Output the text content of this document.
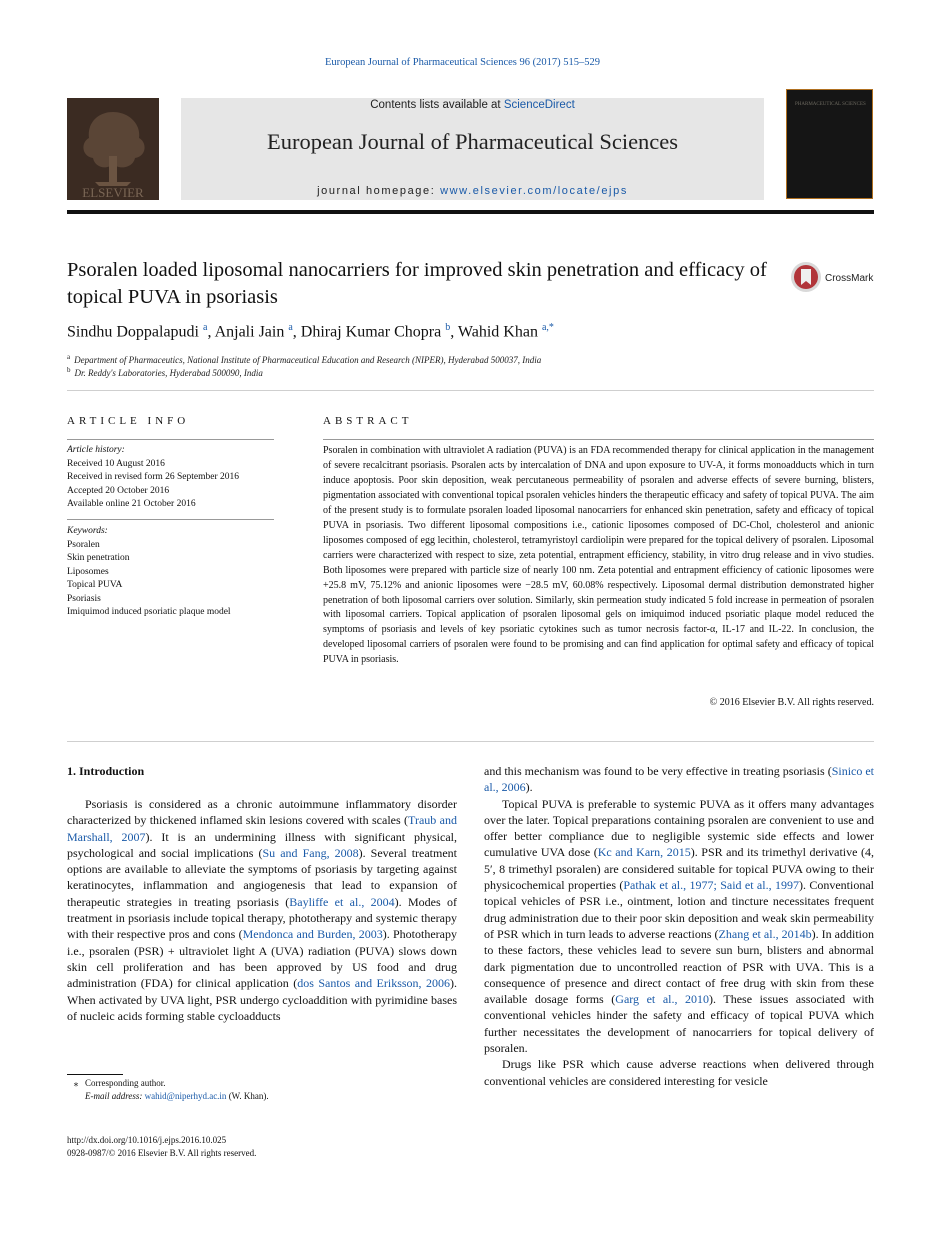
European Journal of Pharmaceutical Sciences 96 (2017) 515–529
ELSEVIER
Contents lists available at ScienceDirect
European Journal of Pharmaceutical Sciences
journal homepage: www.elsevier.com/locate/ejps
PHARMACEUTICAL SCIENCES
Psoralen loaded liposomal nanocarriers for improved skin penetration and efficacy of topical PUVA in psoriasis
CrossMark
Sindhu Doppalapudi $^a$, Anjali Jain $^a$, Dhiraj Kumar Chopra $^b$, Wahid Khan $^{a,*}$
$^a$ Department of Pharmaceutics, National Institute of Pharmaceutical Education and Research (NIPER), Hyderabad 500037, India
$^b$ Dr. Reddy's Laboratories, Hyderabad 500090, India
ARTICLE INFO
Article history:
Received 10 August 2016
Received in revised form 26 September 2016
Accepted 20 October 2016
Available online 21 October 2016
Keywords:
Psoralen
Skin penetration
Liposomes
Topical PUVA
Psoriasis
Imiquimod induced psoriatic plaque model
ABSTRACT
Psoralen in combination with ultraviolet A radiation (PUVA) is an FDA recommended therapy for clinical application in the management of severe recalcitrant psoriasis. Psoralen acts by intercalation of DNA and upon exposure to UV-A, it forms monoadducts which in turn induce apoptosis. Poor skin deposition, weak percutaneous permeability of psoralen and adverse effects of severe burning, blisters, pigmentation associated with conventional topical psoralen vehicles hinders the therapeutic efficacy and safety of topical PUVA. The aim of the present study is to formulate psoralen loaded liposomal nanocarriers for enhanced skin penetration, safety and efficacy of topical PUVA in psoriasis. Two different liposomal compositions i.e., cationic liposomes composed of DC-Chol, cholesterol and anionic liposomes composed of egg lecithin, cholesterol, tetramyristoyl cardiolipin were prepared for the topical delivery of psoralen. Liposomal carriers were characterized with respect to size, zeta potential, entrapment efficiency, stability, in vitro drug release and in vivo studies. Both liposomes were prepared with particle size of nearly 100 nm. Zeta potential and entrapment efficiency of cationic liposomes were +25.8 mV, 75.12% and anionic liposomes were −28.5 mV, 60.08% respectively. Liposomal dermal distribution demonstrated higher penetration of both liposomal carriers over solution. Similarly, skin permeation study indicated 5 fold increase in permeation of psoralen with liposomal carriers. Topical application of psoralen liposomal gels on imiquimod induced psoriatic plaque model reduced the symptoms of psoriasis and levels of key psoriatic cytokines such as tumor necrosis factor-α, IL-17 and IL-22. In conclusion, the developed liposomal carriers of psoralen were found to be promising and can find application for optimal safety and efficacy of topical PUVA in psoriasis.
© 2016 Elsevier B.V. All rights reserved.
1. Introduction

Psoriasis is considered as a chronic autoimmune inflammatory disorder characterized by thickened inflamed skin lesions covered with scales (Traub and Marshall, 2007). It is an undermining illness with significant physical, psychological and social implications (Su and Fang, 2008). Several treatment options are available to alleviate the symptoms of psoriasis by targeting against keratinocytes, inflammation and angiogenesis that lead to expansion of therapeutic strategies in treating psoriasis (Bayliffe et al., 2004). Modes of treatment in psoriasis include topical therapy, phototherapy and systemic therapy with their respective pros and cons (Mendonca and Burden, 2003). Phototherapy i.e., psoralen (PSR) + ultraviolet light A (UVA) radiation (PUVA) slows down skin cell proliferation and has been approved by US food and drug administration (FDA) for clinical application (dos Santos and Eriksson, 2006). When activated by UVA light, PSR undergo cycloaddition with pyrimidine bases of nucleic acids forming stable cycloadducts

and this mechanism was found to be very effective in treating psoriasis (Sinico et al., 2006).

Topical PUVA is preferable to systemic PUVA as it offers many advantages over the later. Topical preparations containing psoralen are convenient to use and offer better compliance due to negligible systemic side effects and lower cumulative UVA dose (Kc and Karn, 2015). PSR and its trimethyl derivative (4, 5′, 8 trimethyl psoralen) are considered suitable for topical PUVA owing to their physicochemical properties (Pathak et al., 1977; Said et al., 1997). Conventional topical vehicles of PSR i.e., ointment, lotion and tincture necessitates frequent drug administration due to their poor skin deposition and weak skin permeability of PSR which in turn leads to adverse reactions (Zhang et al., 2014b). In addition to these factors, these vehicles lead to severe sun burn, blisters and abnormal dark pigmentation due to uncontrolled reaction of PSR with UVA. This is a consequence of presence and direct contact of free drug with skin from these available dosage forms (Garg et al., 2010). These issues associated with conventional vehicles hinder the safety and efficacy of topical PUVA which further necessitates the development of nanocarriers for topical delivery of psoralen.

Drugs like PSR which cause adverse reactions when delivered through conventional vehicles are considered interesting for vesicle

⁎ Corresponding author.
E-mail address: wahid@niperhyd.ac.in (W. Khan).
http://dx.doi.org/10.1016/j.ejps.2016.10.025
0928-0987/© 2016 Elsevier B.V. All rights reserved.
